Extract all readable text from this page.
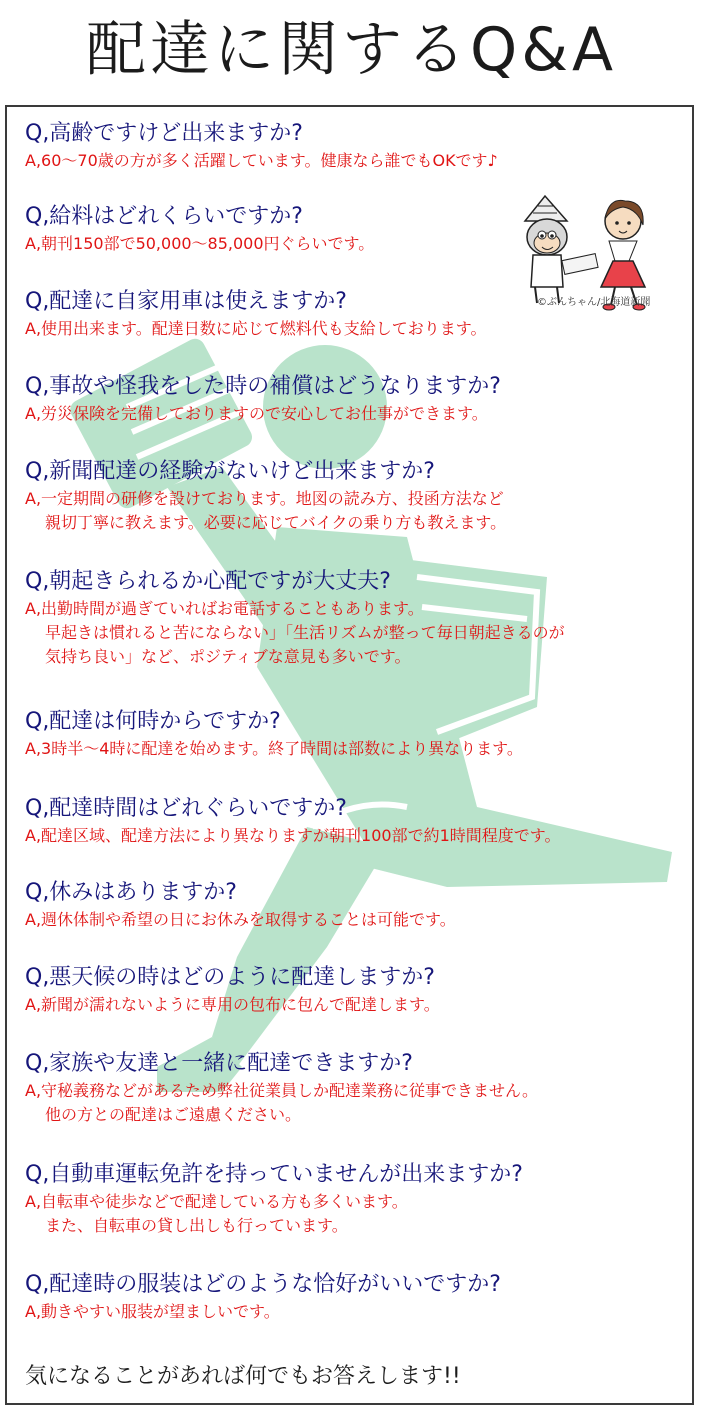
配達に関するQ&A
©ぶんちゃん/北海道新聞
Q,高齢ですけど出来ますか?
A,60〜70歳の方が多く活躍しています。健康なら誰でもOKです♪
Q,給料はどれくらいですか?
A,朝刊150部で50,000〜85,000円ぐらいです。
Q,配達に自家用車は使えますか?
A,使用出来ます。配達日数に応じて燃料代も支給しております。
Q,事故や怪我をした時の補償はどうなりますか?
A,労災保険を完備しておりますので安心してお仕事ができます。
Q,新聞配達の経験がないけど出来ますか?
A,一定期間の研修を設けております。地図の読み方、投函方法など
親切丁寧に教えます。必要に応じてバイクの乗り方も教えます。
Q,朝起きられるか心配ですが大丈夫?
A,出勤時間が過ぎていればお電話することもあります。
早起きは慣れると苦にならない」「生活リズムが整って毎日朝起きるのが
気持ち良い」など、ポジティブな意見も多いです。
Q,配達は何時からですか?
A,3時半〜4時に配達を始めます。終了時間は部数により異なります。
Q,配達時間はどれぐらいですか?
A,配達区域、配達方法により異なりますが朝刊100部で約1時間程度です。
Q,休みはありますか?
A,週休体制や希望の日にお休みを取得することは可能です。
Q,悪天候の時はどのように配達しますか?
A,新聞が濡れないように専用の包布に包んで配達します。
Q,家族や友達と一緒に配達できますか?
A,守秘義務などがあるため弊社従業員しか配達業務に従事できません。
他の方との配達はご遠慮ください。
Q,自動車運転免許を持っていませんが出来ますか?
A,自転車や徒歩などで配達している方も多くいます。
また、自転車の貸し出しも行っています。
Q,配達時の服装はどのような恰好がいいですか?
A,動きやすい服装が望ましいです。
気になることがあれば何でもお答えします!!
